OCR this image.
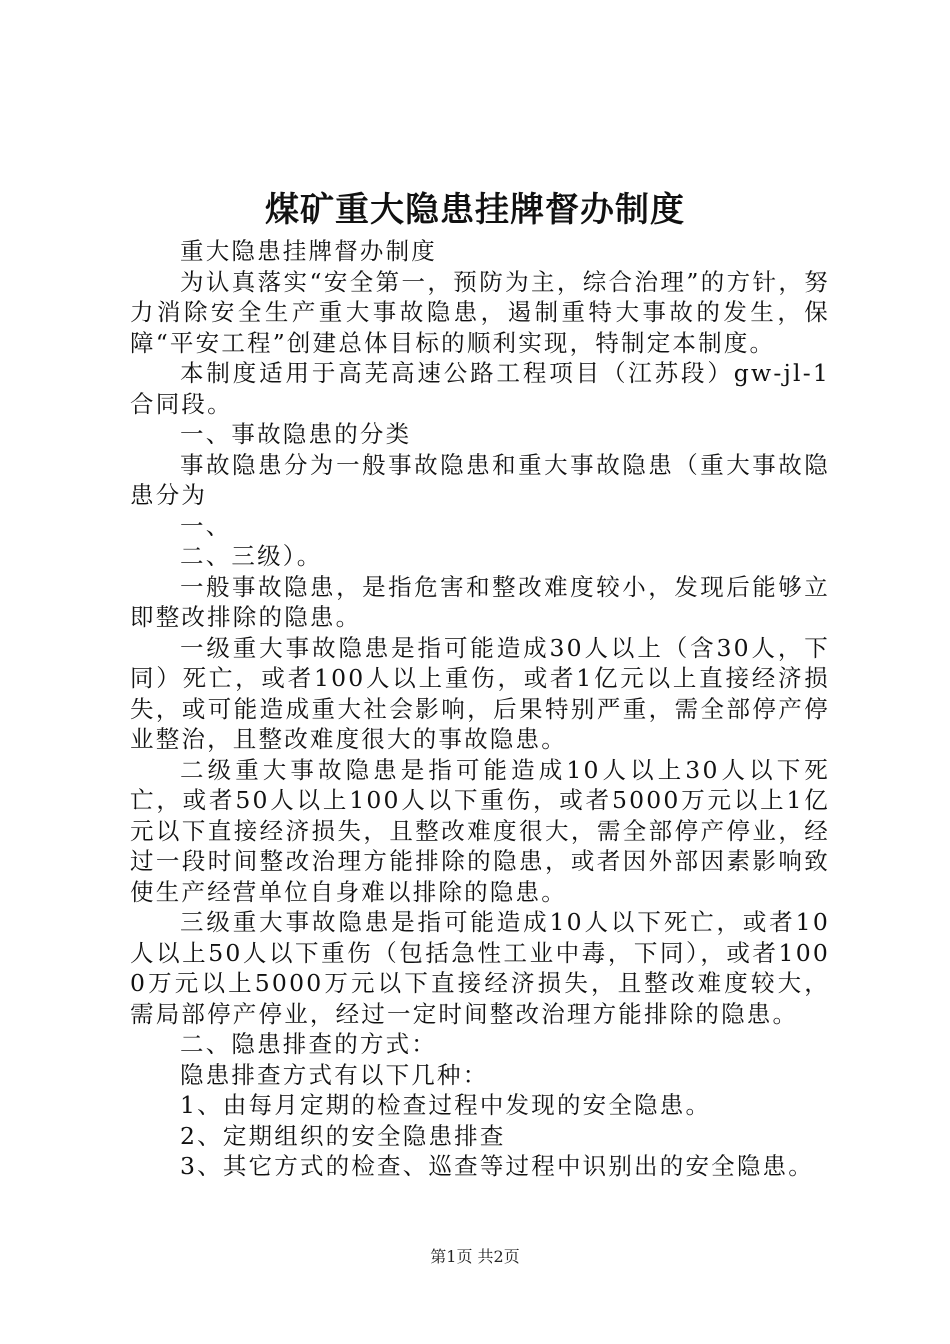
煤矿重大隐患挂牌督办制度

重大隐患挂牌督办制度

为认真落实“安全第一，预防为主，综合治理”的方针，努力消除安全生产重大事故隐患，遏制重特大事故的发生，保障“平安工程”创建总体目标的顺利实现，特制定本制度。

本制度适用于高芜高速公路工程项目（江苏段）gw-jl-1合同段。

一、事故隐患的分类

事故隐患分为一般事故隐患和重大事故隐患（重大事故隐患分为

一、

二、三级）。

一般事故隐患，是指危害和整改难度较小，发现后能够立即整改排除的隐患。

一级重大事故隐患是指可能造成30人以上（含30人，下同）死亡，或者100人以上重伤，或者1亿元以上直接经济损失，或可能造成重大社会影响，后果特别严重，需全部停产停业整治，且整改难度很大的事故隐患。

二级重大事故隐患是指可能造成10人以上30人以下死亡，或者50人以上100人以下重伤，或者5000万元以上1亿元以下直接经济损失，且整改难度很大，需全部停产停业，经过一段时间整改治理方能排除的隐患，或者因外部因素影响致使生产经营单位自身难以排除的隐患。

三级重大事故隐患是指可能造成10人以下死亡，或者10人以上50人以下重伤（包括急性工业中毒，下同），或者1000万元以上5000万元以下直接经济损失，且整改难度较大，需局部停产停业，经过一定时间整改治理方能排除的隐患。

二、隐患排查的方式：

隐患排查方式有以下几种：

1、由每月定期的检查过程中发现的安全隐患。

2、定期组织的安全隐患排查

3、其它方式的检查、巡查等过程中识别出的安全隐患。

第1页 共2页
